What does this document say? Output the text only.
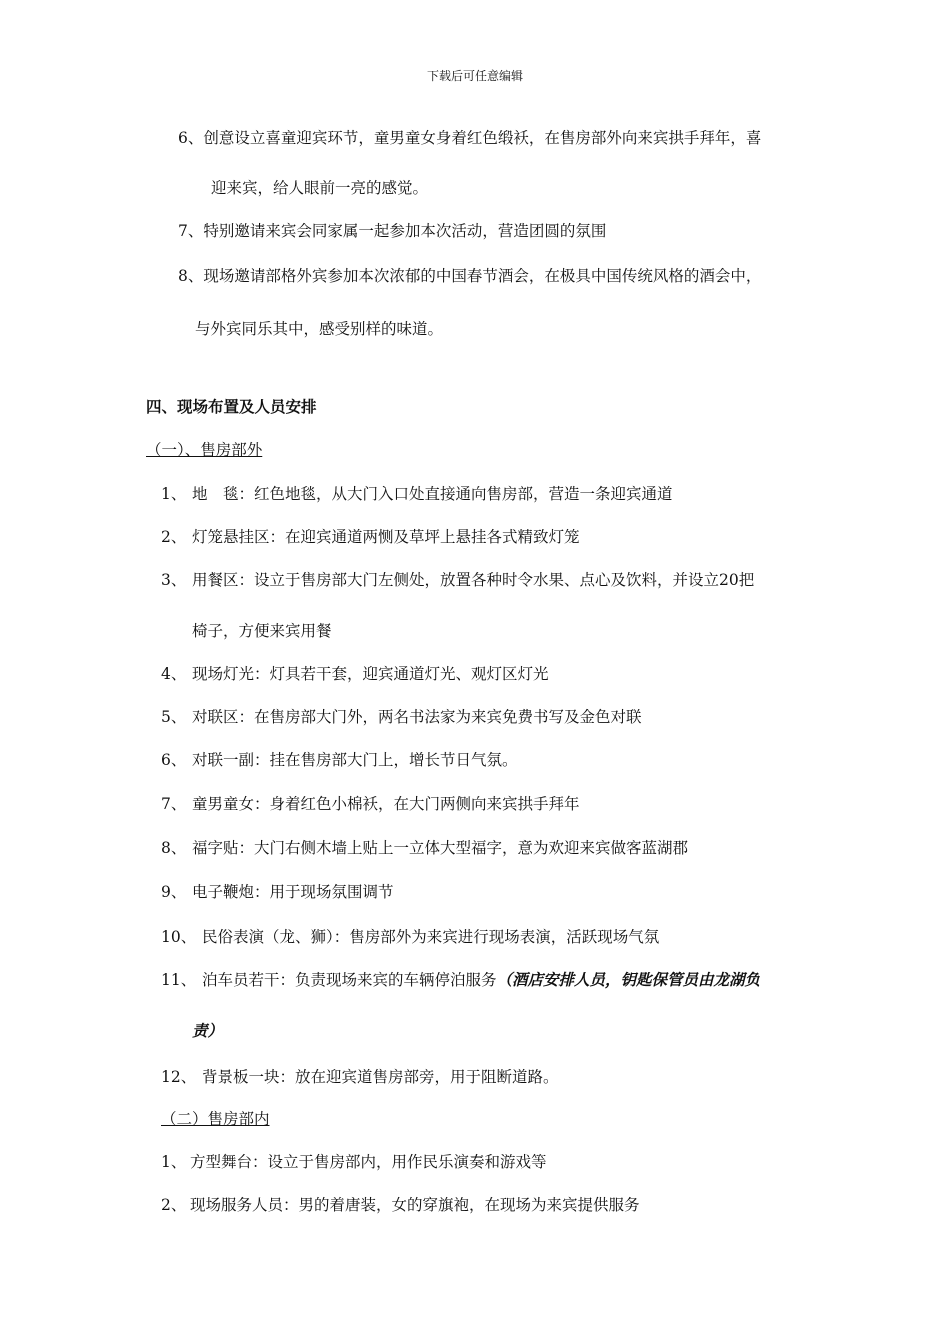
下载后可任意编辑
6、创意设立喜童迎宾环节，童男童女身着红色缎袄，在售房部外向来宾拱手拜年，喜
迎来宾，给人眼前一亮的感觉。
7、特别邀请来宾会同家属一起参加本次活动，营造团圆的氛围
8、现场邀请部格外宾参加本次浓郁的中国春节酒会，在极具中国传统风格的酒会中，
与外宾同乐其中，感受别样的味道。
四、现场布置及人员安排
（一）、售房部外
1、 地　毯：红色地毯，从大门入口处直接通向售房部，营造一条迎宾通道
2、 灯笼悬挂区：在迎宾通道两恻及草坪上悬挂各式精致灯笼
3、 用餐区：设立于售房部大门左侧处，放置各种时令水果、点心及饮料，并设立20把
椅子，方便来宾用餐
4、 现场灯光：灯具若干套，迎宾通道灯光、观灯区灯光
5、 对联区：在售房部大门外，两名书法家为来宾免费书写及金色对联
6、 对联一副：挂在售房部大门上，增长节日气氛。
7、 童男童女：身着红色小棉袄，在大门两侧向来宾拱手拜年
8、 福字贴：大门右侧木墙上贴上一立体大型福字，意为欢迎来宾做客蓝湖郡
9、 电子鞭炮：用于现场氛围调节
10、 民俗表演（龙、狮）：售房部外为来宾进行现场表演，活跃现场气氛
11、 泊车员若干：负责现场来宾的车辆停泊服务（酒店安排人员，钥匙保管员由龙湖负
责）
12、 背景板一块：放在迎宾道售房部旁，用于阻断道路。
（二）售房部内
1、 方型舞台：设立于售房部内，用作民乐演奏和游戏等
2、 现场服务人员：男的着唐装，女的穿旗袍，在现场为来宾提供服务
